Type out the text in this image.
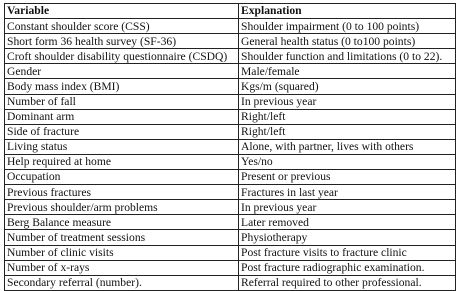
Variable	Explanation
Constant shoulder score (CSS)	Shoulder impairment (0 to 100 points)
Short form 36 health survey (SF-36)	General health status (0 to100 points)
Croft shoulder disability questionnaire (CSDQ)	Shoulder function and limitations (0 to 22).
Gender	Male/female
Body mass index (BMI)	Kgs/m (squared)
Number of fall	In previous year
Dominant arm	Right/left
Side of fracture	Right/left
Living status	Alone, with partner, lives with others
Help required at home	Yes/no
Occupation	Present or previous
Previous fractures	Fractures in last year
Previous shoulder/arm problems	In previous year
Berg Balance measure	Later removed
Number of treatment sessions	Physiotherapy
Number of clinic visits	Post fracture visits to fracture clinic
Number of x-rays	Post fracture radiographic examination.
Secondary referral (number).	Referral required to other professional.
